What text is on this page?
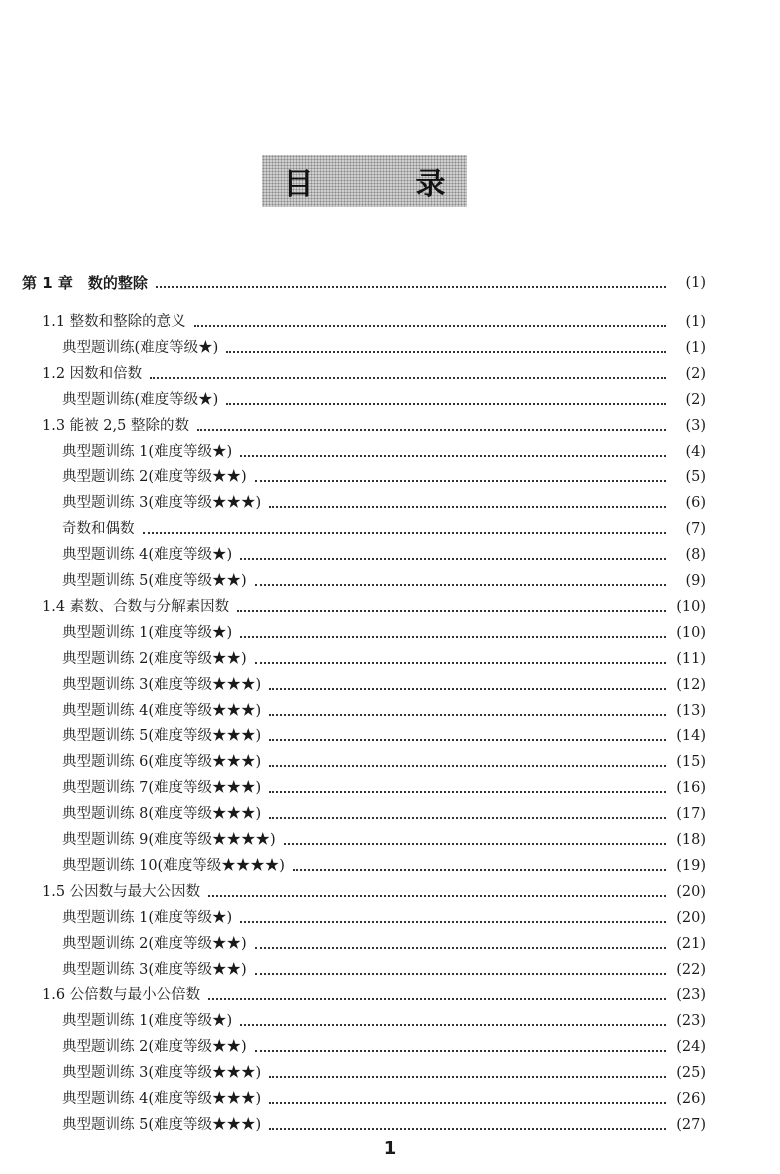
目　录
第 1 章　数的整除	(1)
1.1 整数和整除的意义	(1)
典型题训练(难度等级★)	(1)
1.2 因数和倍数	(2)
典型题训练(难度等级★)	(2)
1.3 能被 2,5 整除的数	(3)
典型题训练 1(难度等级★)	(4)
典型题训练 2(难度等级★★)	(5)
典型题训练 3(难度等级★★★)	(6)
奇数和偶数	(7)
典型题训练 4(难度等级★)	(8)
典型题训练 5(难度等级★★)	(9)
1.4 素数、合数与分解素因数	(10)
典型题训练 1(难度等级★)	(10)
典型题训练 2(难度等级★★)	(11)
典型题训练 3(难度等级★★★)	(12)
典型题训练 4(难度等级★★★)	(13)
典型题训练 5(难度等级★★★)	(14)
典型题训练 6(难度等级★★★)	(15)
典型题训练 7(难度等级★★★)	(16)
典型题训练 8(难度等级★★★)	(17)
典型题训练 9(难度等级★★★★)	(18)
典型题训练 10(难度等级★★★★)	(19)
1.5 公因数与最大公因数	(20)
典型题训练 1(难度等级★)	(20)
典型题训练 2(难度等级★★)	(21)
典型题训练 3(难度等级★★)	(22)
1.6 公倍数与最小公倍数	(23)
典型题训练 1(难度等级★)	(23)
典型题训练 2(难度等级★★)	(24)
典型题训练 3(难度等级★★★)	(25)
典型题训练 4(难度等级★★★)	(26)
典型题训练 5(难度等级★★★)	(27)
1
